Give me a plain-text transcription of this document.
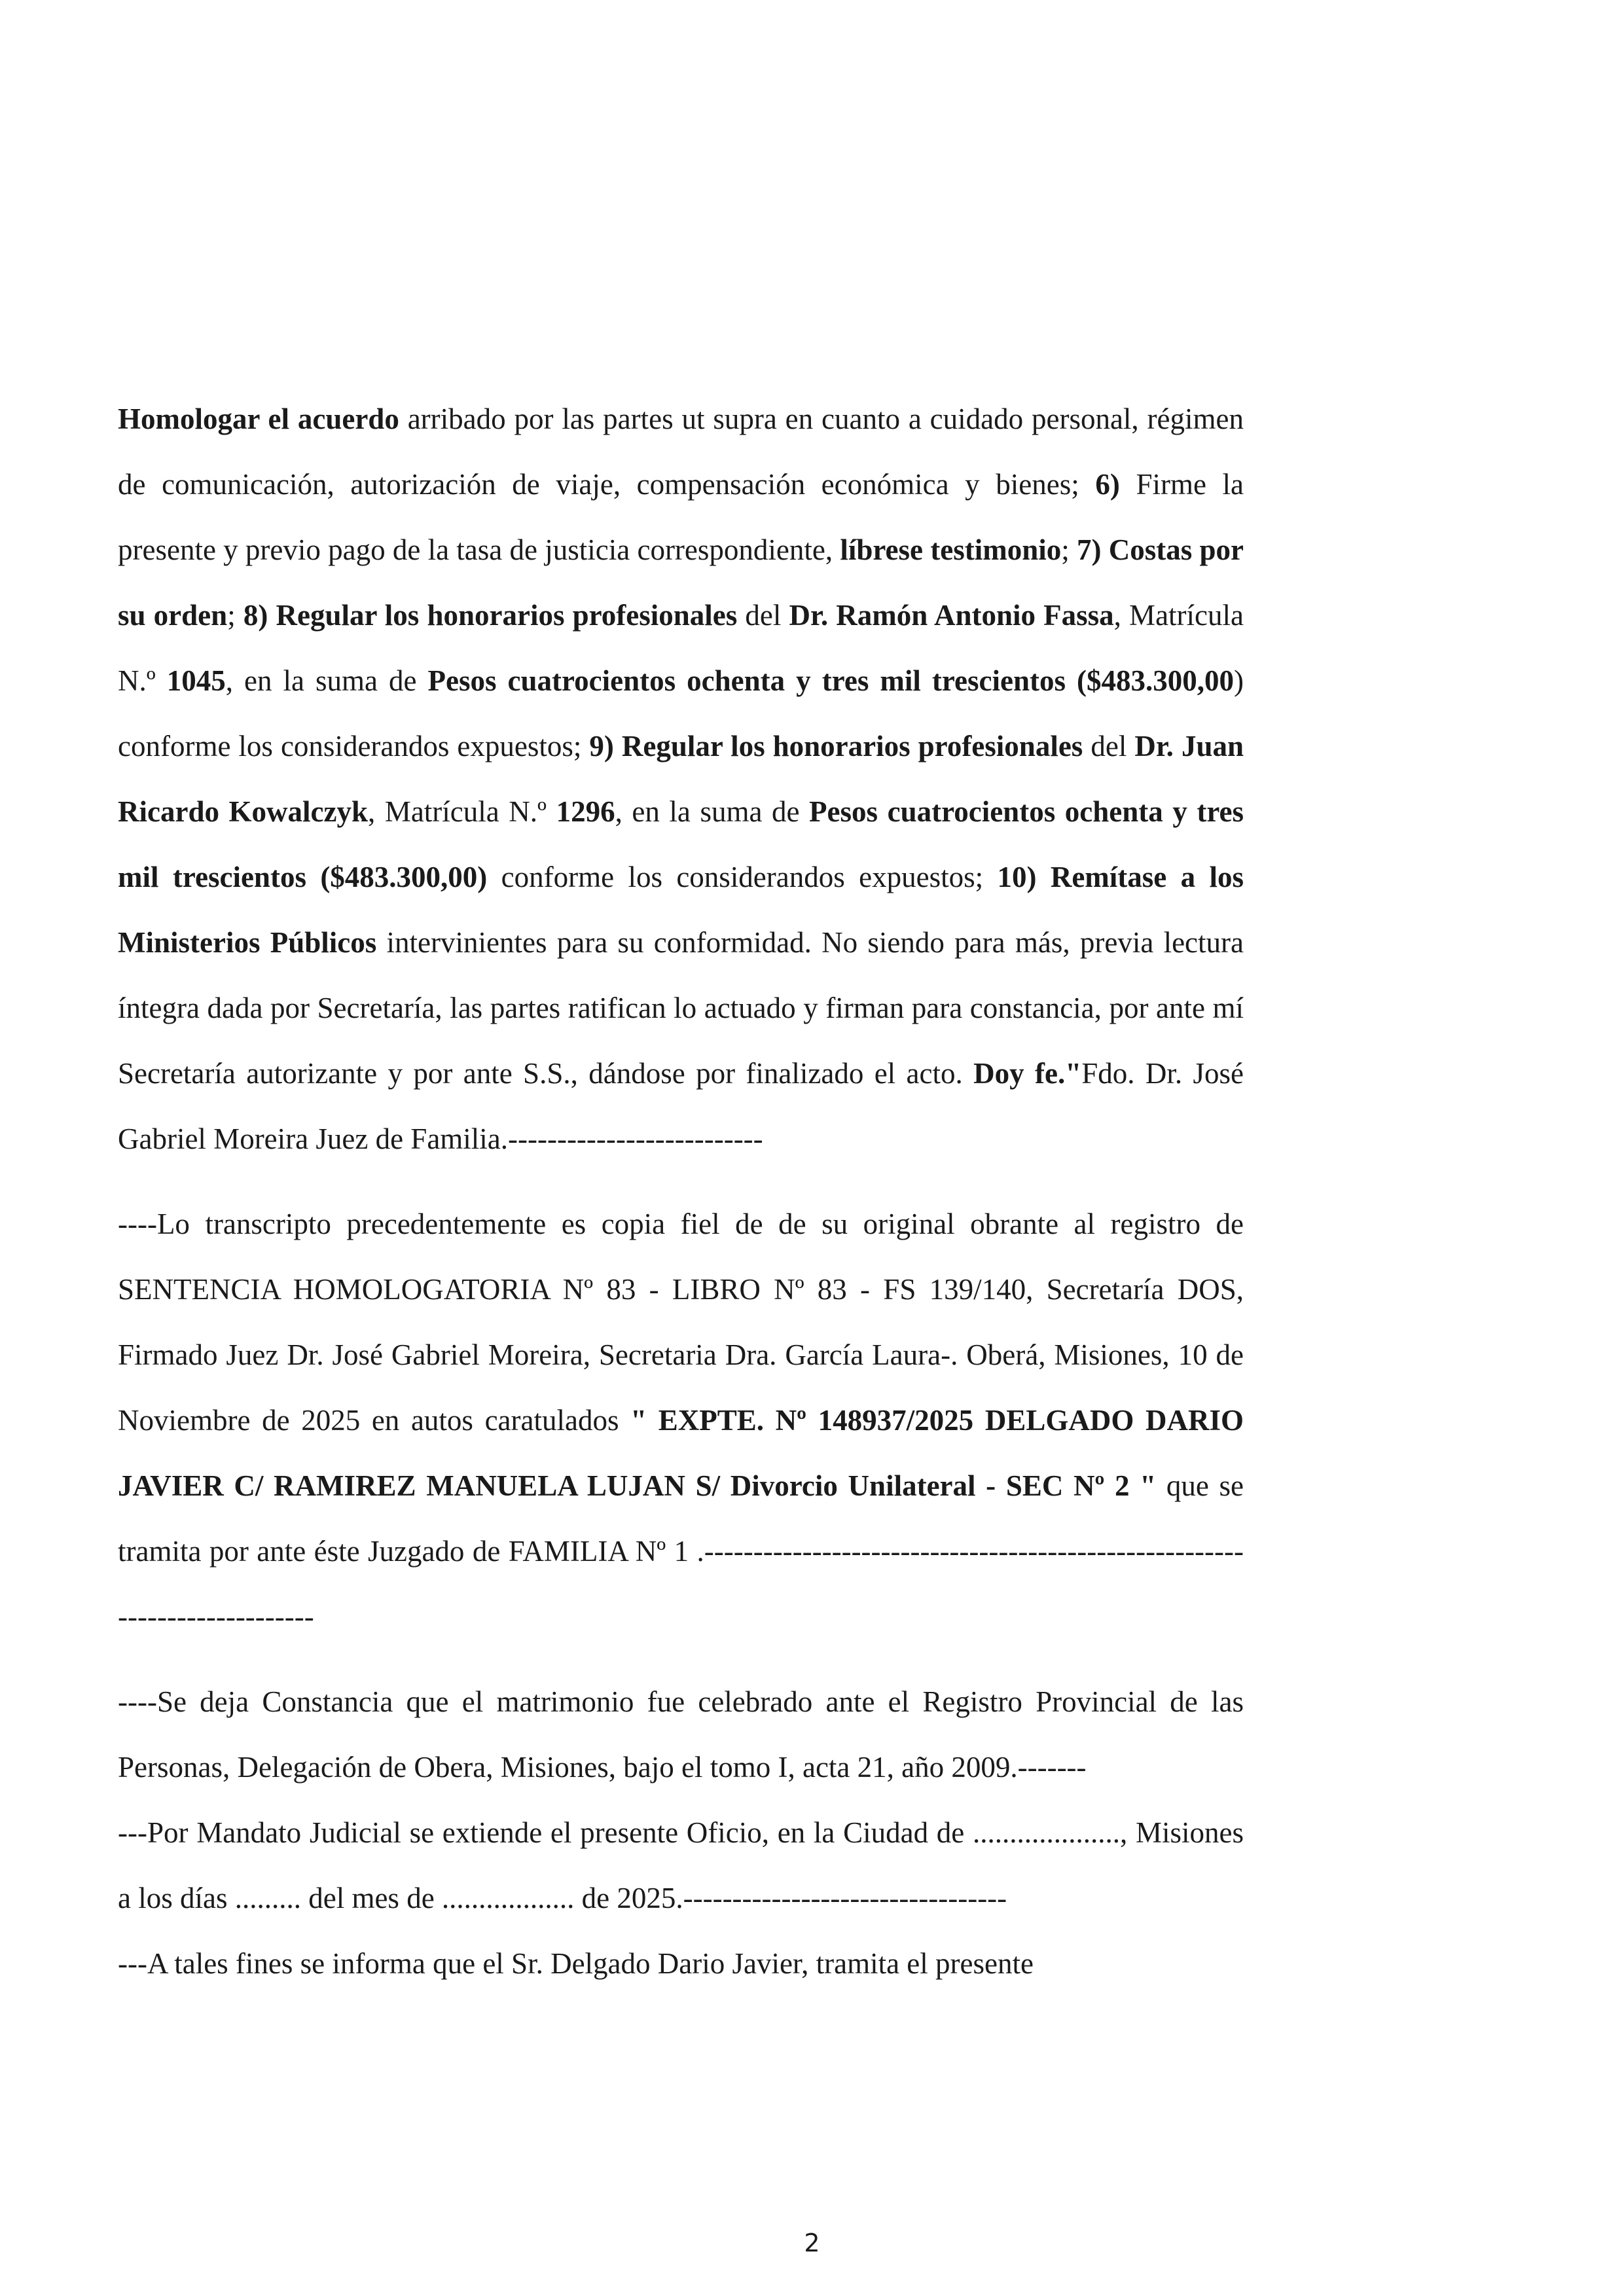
Homologar el acuerdo arribado por las partes ut supra en cuanto a cuidado personal, régimen de comunicación, autorización de viaje, compensación económica y bienes; 6) Firme la presente y previo pago de la tasa de justicia correspondiente, líbrese testimonio; 7) Costas por su orden; 8) Regular los honorarios profesionales del Dr. Ramón Antonio Fassa, Matrícula N.º 1045, en la suma de Pesos cuatrocientos ochenta y tres mil trescientos ($483.300,00) conforme los considerandos expuestos; 9) Regular los honorarios profesionales del Dr. Juan Ricardo Kowalczyk, Matrícula N.º 1296, en la suma de Pesos cuatrocientos ochenta y tres mil trescientos ($483.300,00) conforme los considerandos expuestos; 10) Remítase a los Ministerios Públicos intervinientes para su conformidad. No siendo para más, previa lectura íntegra dada por Secretaría, las partes ratifican lo actuado y firman para constancia, por ante mí Secretaría autorizante y por ante S.S., dándose por finalizado el acto. Doy fe."Fdo. Dr. José Gabriel Moreira Juez de Familia.--------------------------

----Lo transcripto precedentemente es copia fiel de de su original obrante al registro de SENTENCIA HOMOLOGATORIA Nº 83 - LIBRO Nº 83 - FS 139/140, Secretaría DOS, Firmado Juez Dr. José Gabriel Moreira, Secretaria Dra. García Laura-. Oberá, Misiones, 10 de Noviembre de 2025 en autos caratulados " EXPTE. Nº 148937/2025 DELGADO DARIO JAVIER C/ RAMIREZ MANUELA LUJAN S/ Divorcio Unilateral - SEC Nº 2 " que se tramita por ante éste Juzgado de FAMILIA Nº 1 .---------------------------------------------------------------------------

----Se deja Constancia que el matrimonio fue celebrado ante el Registro Provincial de las Personas, Delegación de Obera, Misiones, bajo el tomo I, acta 21, año 2009.-------

---Por Mandato Judicial se extiende el presente Oficio, en la Ciudad de ...................., Misiones a los días ......... del mes de .................. de 2025.---------------------------------

---A tales fines se informa que el Sr. Delgado Dario Javier, tramita el presente

2
